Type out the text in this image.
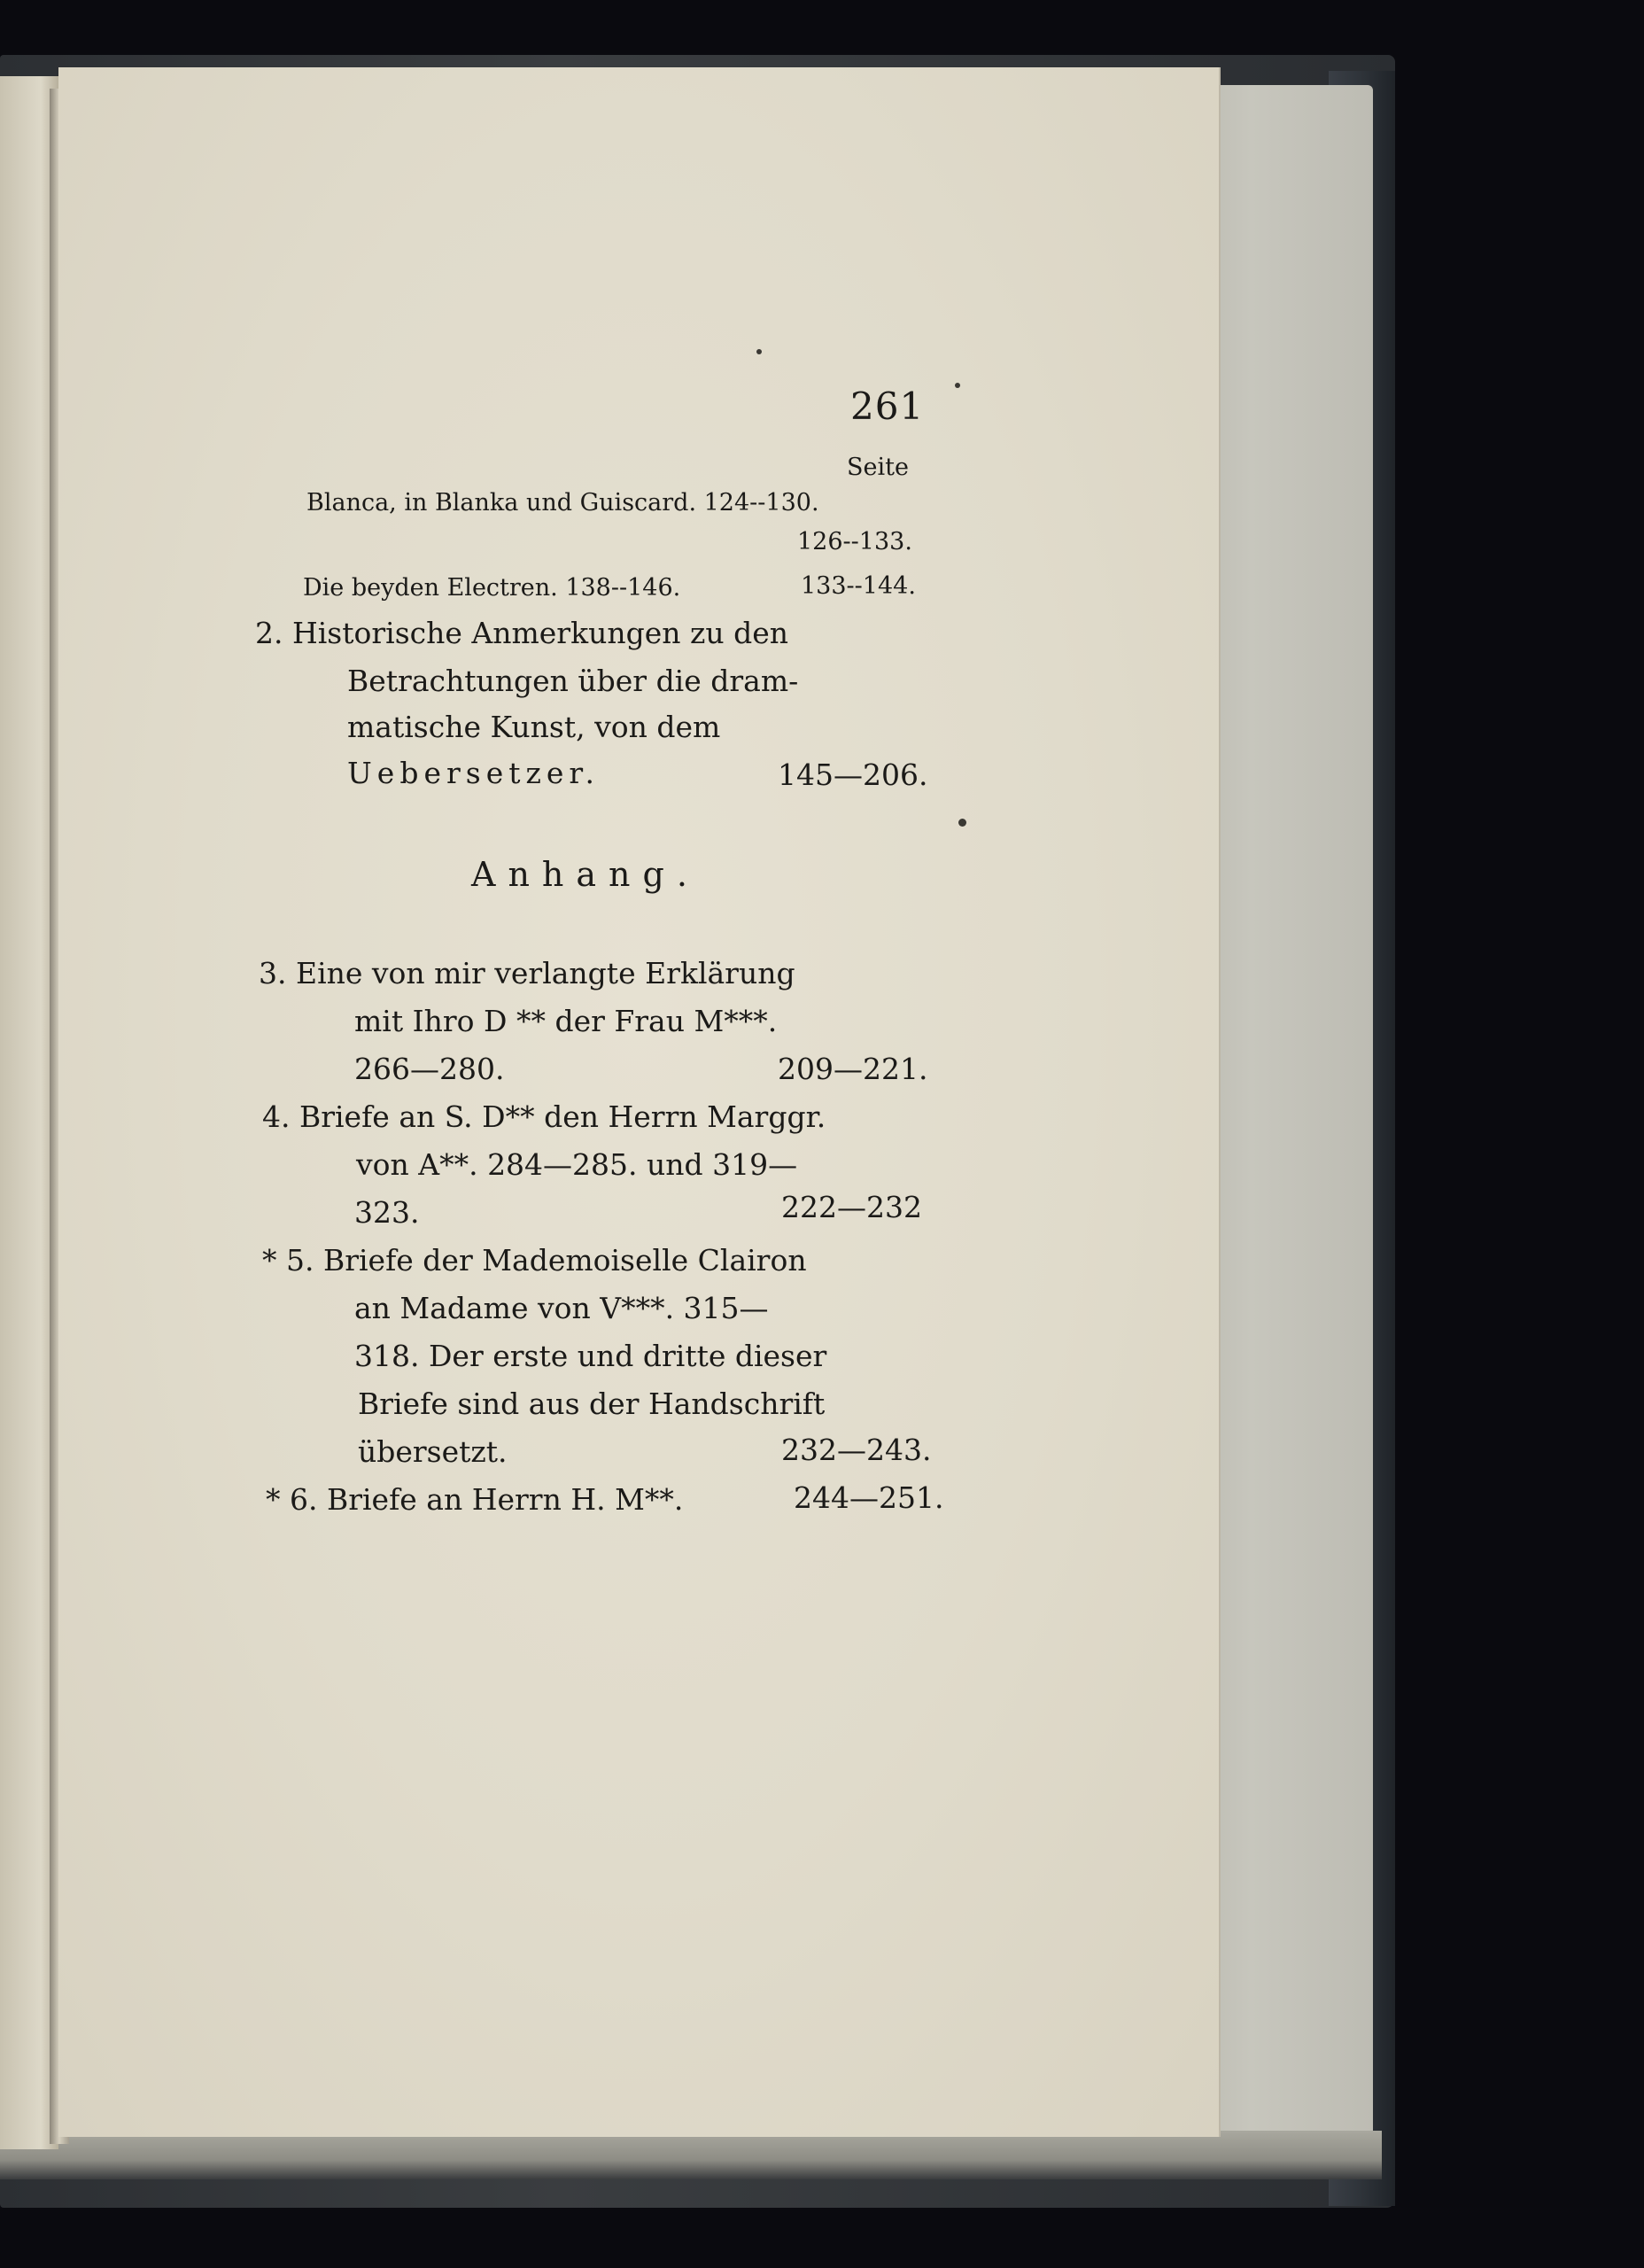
261
Seite
Blanca, in Blanka und Guiscard. 124--130.
126--133.
Die beyden Electren. 138--146.	133--144.
2. Historische Anmerkungen zu den
Betrachtungen über die dram-
matische Kunst, von dem
Uebersetzer.	145—206.
Anhang.
3. Eine von mir verlangte Erklärung
mit Ihro D ** der Frau M***.
266—280.	209—221.
4. Briefe an S. D** den Herrn Marggr.
von A**. 284—285. und 319—
323.	222—232
* 5. Briefe der Mademoiselle Clairon
an Madame von V***. 315—
318. Der erste und dritte dieser
Briefe sind aus der Handschrift
übersetzt.	232—243.
* 6. Briefe an Herrn H. M**.	244—251.
